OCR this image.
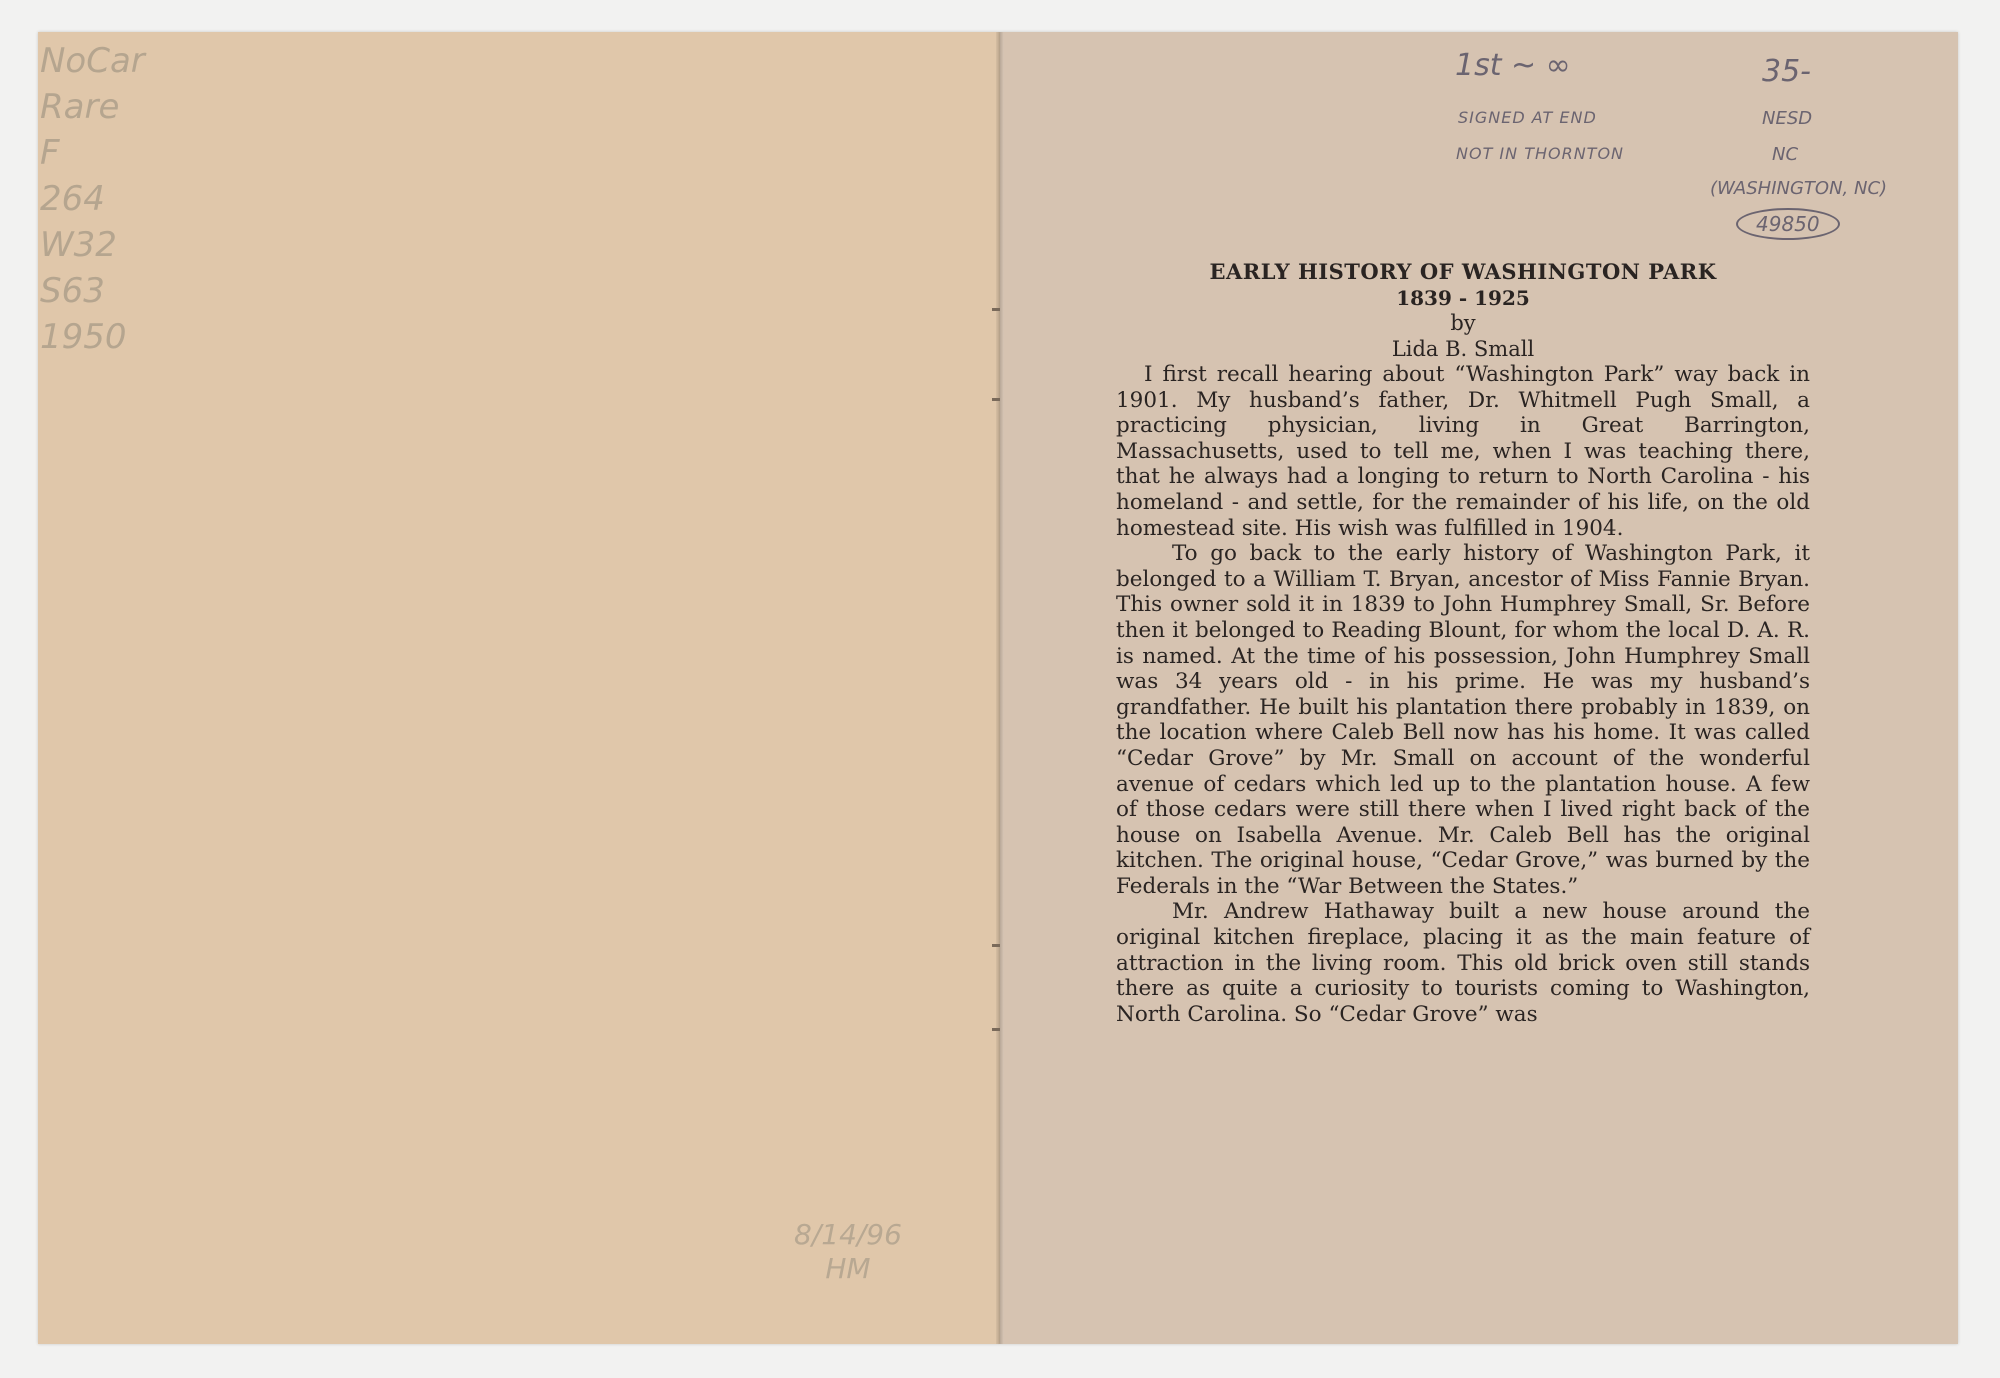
NoCar
Rare
F
264
W32
S63
1950
8/14/96
HM
1st ~ ∞
SIGNED AT END
NOT IN THORNTON
35-
NESD
NC
(WASHINGTON, NC)
49850
EARLY HISTORY OF WASHINGTON PARK
1839 - 1925
by
Lida B. Small

I first recall hearing about “Washington Park” way back in 1901. My husband’s father, Dr. Whitmell Pugh Small, a practicing physician, living in Great Barrington, Massachusetts, used to tell me, when I was teaching there, that he always had a longing to return to North Carolina - his homeland - and settle, for the remainder of his life, on the old homestead site. His wish was fulfilled in 1904.

To go back to the early history of Washington Park, it belonged to a William T. Bryan, ancestor of Miss Fannie Bryan. This owner sold it in 1839 to John Humphrey Small, Sr. Before then it belonged to Reading Blount, for whom the local D. A. R. is named. At the time of his possession, John Humphrey Small was 34 years old - in his prime. He was my husband’s grandfather. He built his plantation there probably in 1839, on the location where Caleb Bell now has his home. It was called “Cedar Grove” by Mr. Small on account of the wonderful avenue of cedars which led up to the plantation house. A few of those cedars were still there when I lived right back of the house on Isabella Avenue. Mr. Caleb Bell has the original kitchen. The original house, “Cedar Grove,” was burned by the Federals in the “War Between the States.”

Mr. Andrew Hathaway built a new house around the original kitchen fireplace, placing it as the main feature of attraction in the living room. This old brick oven still stands there as quite a curiosity to tourists coming to Washington, North Carolina. So “Cedar Grove” was
